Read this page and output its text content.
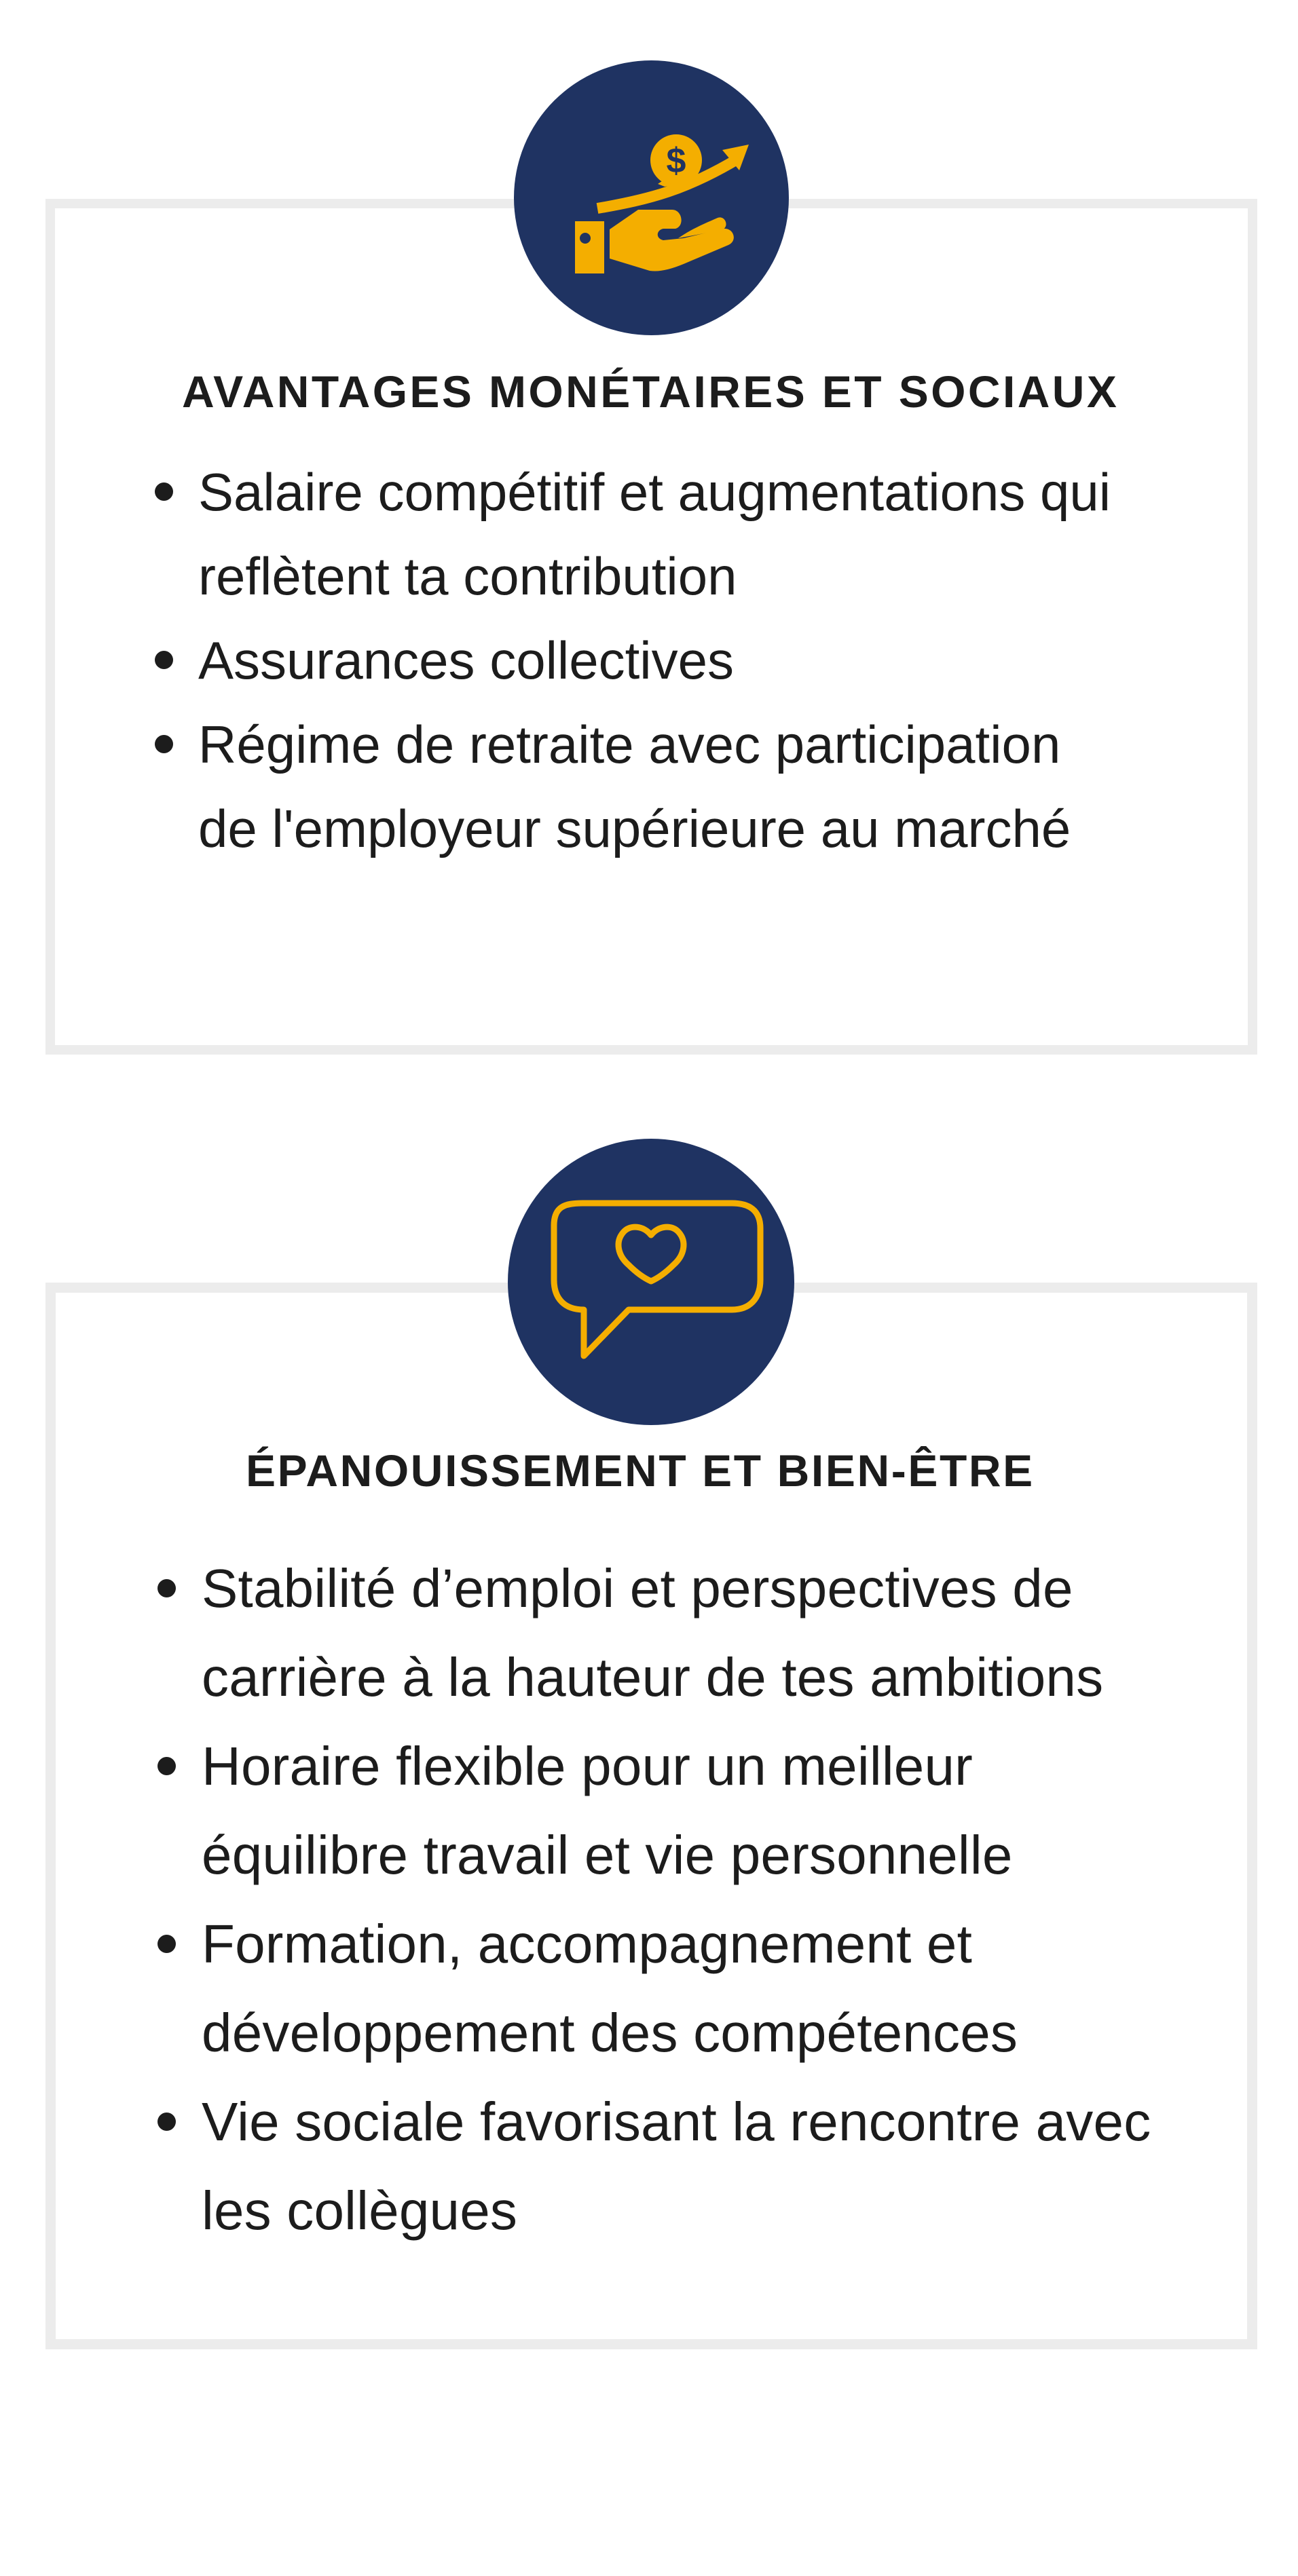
$
AVANTAGES MONÉTAIRES ET SOCIAUX
Salaire compétitif et augmentations qui
reflètent ta contribution
Assurances collectives
Régime de retraite avec participation
de l'employeur supérieure au marché
ÉPANOUISSEMENT ET BIEN-ÊTRE
Stabilité d’emploi et perspectives de
carrière à la hauteur de tes ambitions
Horaire flexible pour un meilleur
équilibre travail et vie personnelle
Formation, accompagnement et
développement des compétences
Vie sociale favorisant la rencontre avec
les collègues
